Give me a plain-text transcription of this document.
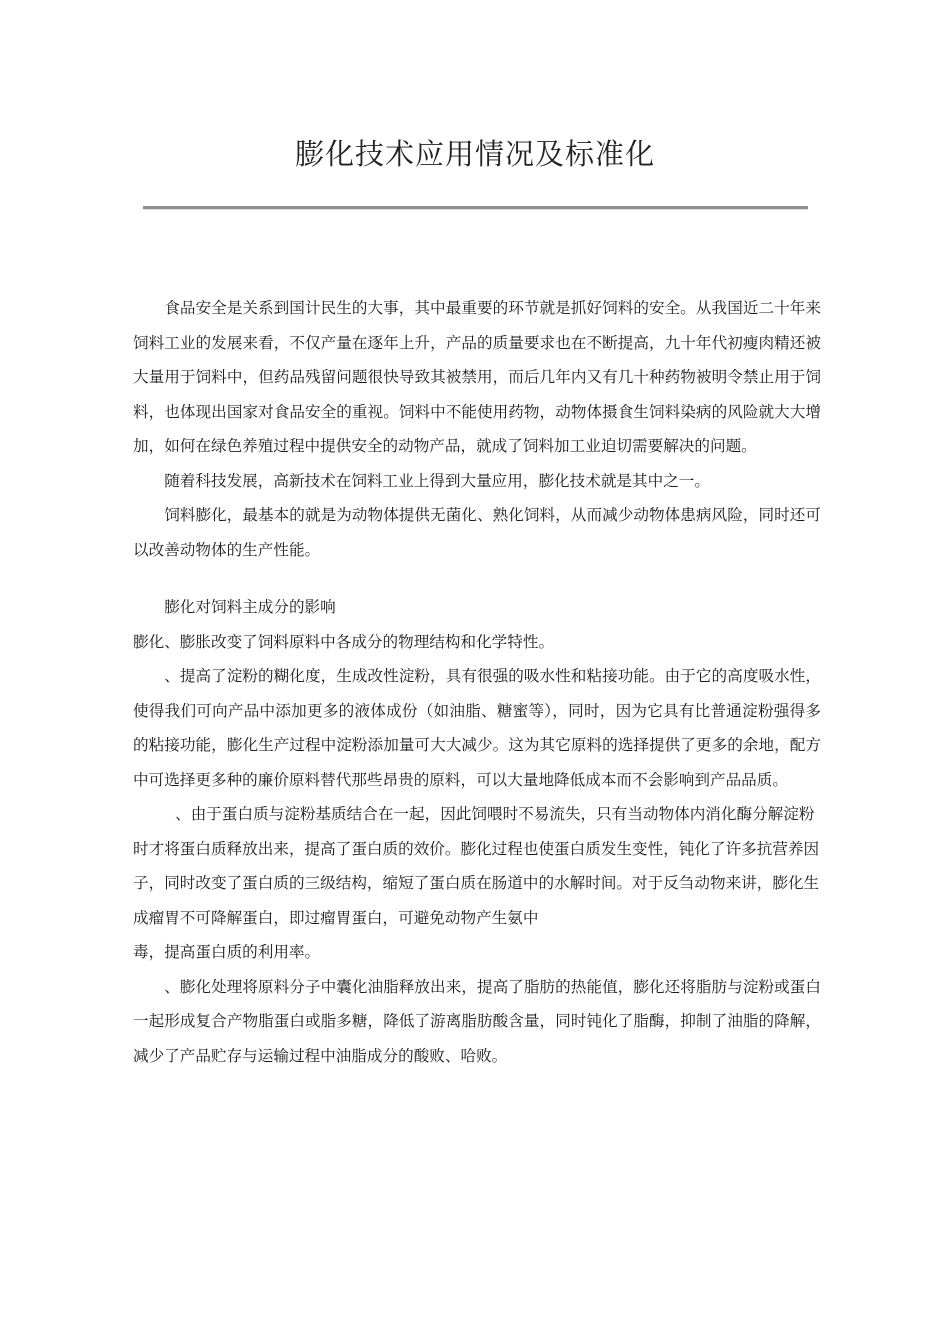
膨化技术应用情况及标准化

食品安全是关系到国计民生的大事，其中最重要的环节就是抓好饲料的安全。从我国近二十年来饲料工业的发展来看，不仅产量在逐年上升，产品的质量要求也在不断提高，九十年代初瘦肉精还被大量用于饲料中，但药品残留问题很快导致其被禁用，而后几年内又有几十种药物被明令禁止用于饲料，也体现出国家对食品安全的重视。饲料中不能使用药物，动物体摄食生饲料染病的风险就大大增加，如何在绿色养殖过程中提供安全的动物产品，就成了饲料加工业迫切需要解决的问题。

随着科技发展，高新技术在饲料工业上得到大量应用，膨化技术就是其中之一。

饲料膨化，最基本的就是为动物体提供无菌化、熟化饲料，从而减少动物体患病风险，同时还可以改善动物体的生产性能。

膨化对饲料主成分的影响

膨化、膨胀改变了饲料原料中各成分的物理结构和化学特性。

、提高了淀粉的糊化度，生成改性淀粉，具有很强的吸水性和粘接功能。由于它的高度吸水性，使得我们可向产品中添加更多的液体成份（如油脂、糖蜜等），同时，因为它具有比普通淀粉强得多的粘接功能，膨化生产过程中淀粉添加量可大大减少。这为其它原料的选择提供了更多的余地，配方中可选择更多种的廉价原料替代那些昂贵的原料，可以大量地降低成本而不会影响到产品品质。

、由于蛋白质与淀粉基质结合在一起，因此饲喂时不易流失，只有当动物体内消化酶分解淀粉时才将蛋白质释放出来，提高了蛋白质的效价。膨化过程也使蛋白质发生变性，钝化了许多抗营养因子，同时改变了蛋白质的三级结构，缩短了蛋白质在肠道中的水解时间。对于反刍动物来讲，膨化生成瘤胃不可降解蛋白，即过瘤胃蛋白，可避免动物产生氨中

毒，提高蛋白质的利用率。

、膨化处理将原料分子中囊化油脂释放出来，提高了脂肪的热能值，膨化还将脂肪与淀粉或蛋白一起形成复合产物脂蛋白或脂多糖，降低了游离脂肪酸含量，同时钝化了脂酶，抑制了油脂的降解，减少了产品贮存与运输过程中油脂成分的酸败、哈败。
